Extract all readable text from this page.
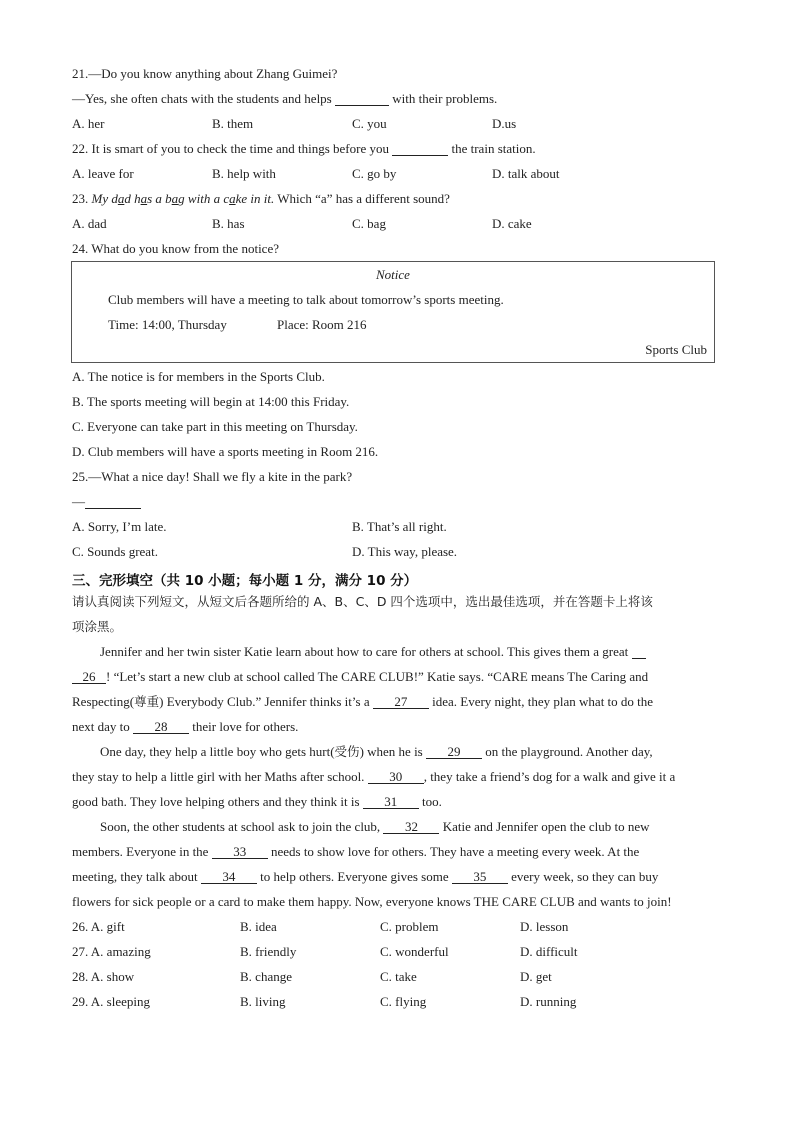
21.—Do you know anything about Zhang Guimei?
—Yes, she often chats with the students and helps	with their problems.
A. her	B. them	C. you	D.us
22. It is smart of you to check the time and things before you	the train station.
A. leave for	B. help with	C. go by	D. talk about
23. My dad has a bag with a cake in it. Which “a” has a different sound?
A. dad	B. has	C. bag	D. cake
24. What do you know from the notice?
Notice
Club members will have a meeting to talk about tomorrow’s sports meeting.
Time: 14:00, Thursday	Place: Room 216
Sports Club
A. The notice is for members in the Sports Club.
B. The sports meeting will begin at 14:00 this Friday.
C. Everyone can take part in this meeting on Thursday.
D. Club members will have a sports meeting in Room 216.
25.—What a nice day! Shall we fly a kite in the park?
—
A. Sorry, I’m late.	B. That’s all right.
C. Sounds great.	D. This way, please.
三、完形填空（共 10 小题；每小题 1 分，满分 10 分）
请认真阅读下列短文，从短文后各题所给的 A、B、C、D 四个选项中，选出最佳选项，并在答题卡上将该
项涂黑。
Jennifer and her twin sister Katie learn about how to care for others at school. This gives them a great
26 ! “Let’s start a new club at school called The CARE CLUB!” Katie says. “CARE means The Caring and
Respecting(尊重) Everybody Club.” Jennifer thinks it’s a 27 idea. Every night, they plan what to do the
next day to 28 their love for others.
One day, they help a little boy who gets hurt(受伤) when he is 29 on the playground. Another day,
they stay to help a little girl with her Maths after school. 30 , they take a friend’s dog for a walk and give it a
good bath. They love helping others and they think it is 31 too.
Soon, the other students at school ask to join the club, 32 Katie and Jennifer open the club to new
members. Everyone in the 33 needs to show love for others. They have a meeting every week. At the
meeting, they talk about 34 to help others. Everyone gives some 35 every week, so they can buy
flowers for sick people or a card to make them happy. Now, everyone knows THE CARE CLUB and wants to join!
26. A. gift	B. idea	C. problem	D. lesson
27. A. amazing	B. friendly	C. wonderful	D. difficult
28. A. show	B. change	C. take	D. get
29. A. sleeping	B. living	C. flying	D. running
